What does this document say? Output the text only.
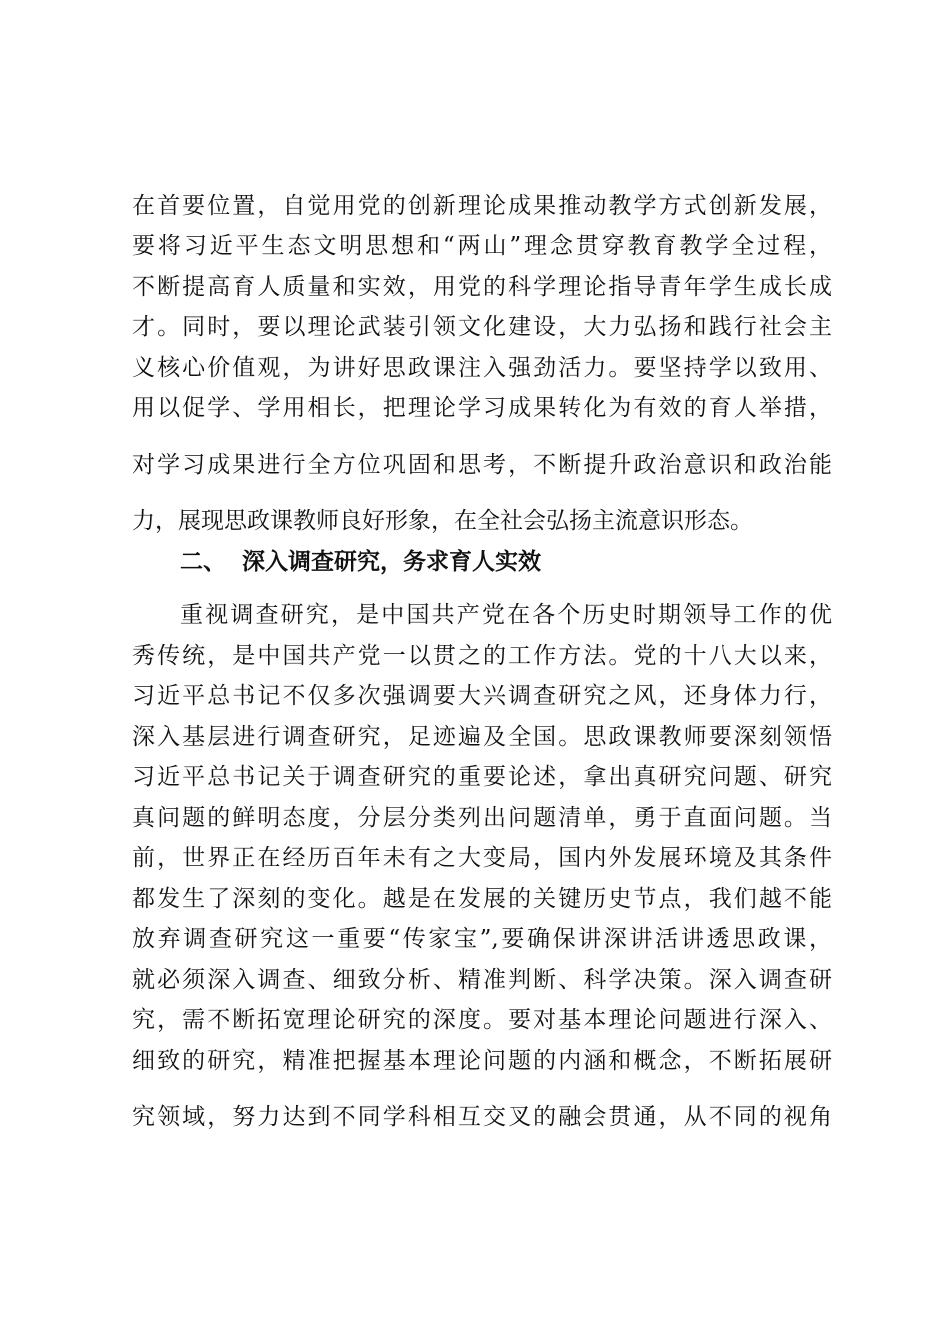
在首要位置，自觉用党的创新理论成果推动教学方式创新发展，

要将习近平生态文明思想和“两山”理念贯穿教育教学全过程，

不断提高育人质量和实效，用党的科学理论指导青年学生成长成

才。同时，要以理论武装引领文化建设，大力弘扬和践行社会主

义核心价值观，为讲好思政课注入强劲活力。要坚持学以致用、

用以促学、学用相长，把理论学习成果转化为有效的育人举措，

对学习成果进行全方位巩固和思考，不断提升政治意识和政治能

力，展现思政课教师良好形象，在全社会弘扬主流意识形态。

二、 深入调查研究，务求育人实效

重视调查研究，是中国共产党在各个历史时期领导工作的优

秀传统，是中国共产党一以贯之的工作方法。党的十八大以来，

习近平总书记不仅多次强调要大兴调查研究之风，还身体力行，

深入基层进行调查研究，足迹遍及全国。思政课教师要深刻领悟

习近平总书记关于调查研究的重要论述，拿出真研究问题、研究

真问题的鲜明态度，分层分类列出问题清单，勇于直面问题。当

前，世界正在经历百年未有之大变局，国内外发展环境及其条件

都发生了深刻的变化。越是在发展的关键历史节点，我们越不能

放弃调查研究这一重要“传家宝”,要确保讲深讲活讲透思政课，

就必须深入调查、细致分析、精准判断、科学决策。深入调查研

究，需不断拓宽理论研究的深度。要对基本理论问题进行深入、

细致的研究，精准把握基本理论问题的内涵和概念，不断拓展研

究领域，努力达到不同学科相互交叉的融会贯通，从不同的视角
